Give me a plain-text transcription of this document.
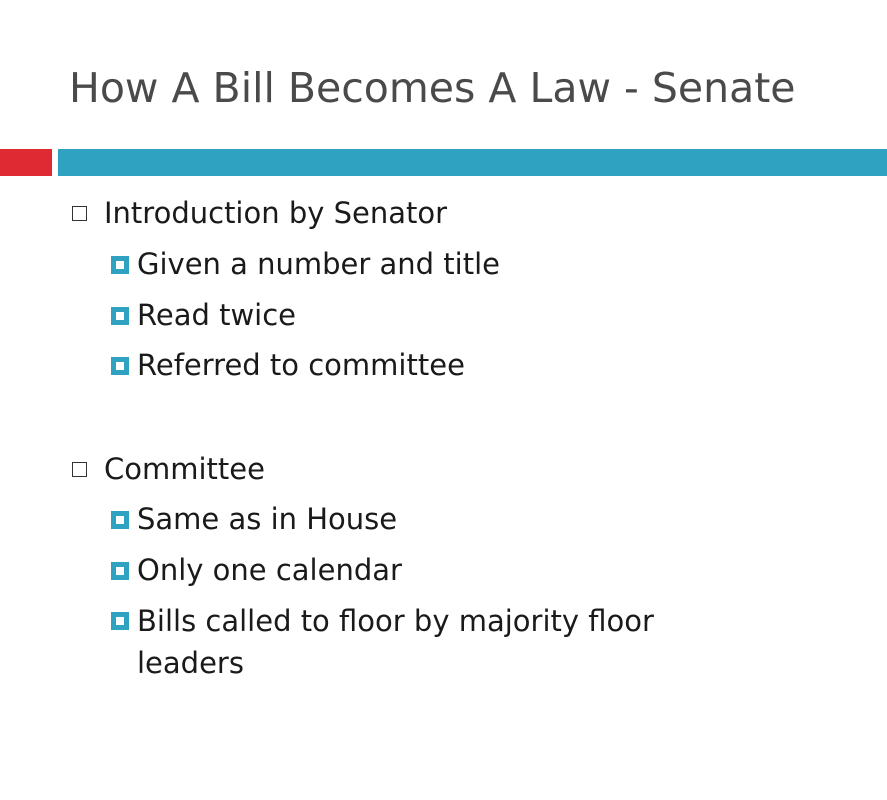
How A Bill Becomes A Law - Senate
Introduction by Senator
Given a number and title
Read twice
Referred to committee
Committee
Same as in House
Only one calendar
Bills called to floor by majority floor leaders
